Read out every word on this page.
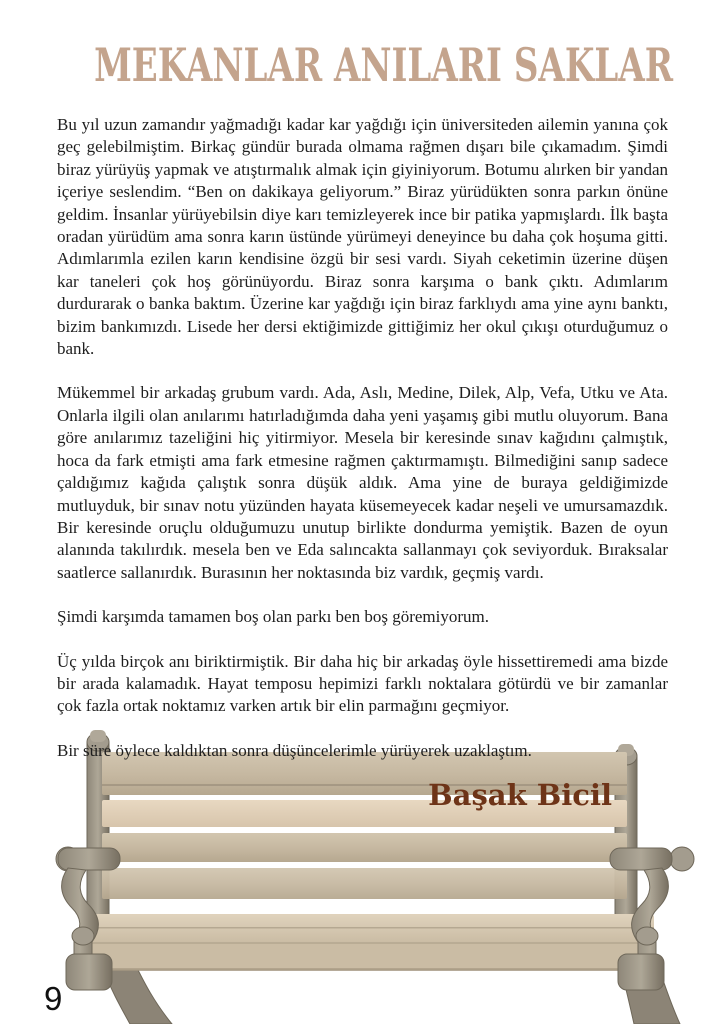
MEKANLAR ANILARI SAKLAR

Bu yıl uzun zamandır yağmadığı kadar kar yağdığı için üniversiteden ailemin yanına çok geç gelebilmiştim. Birkaç gündür burada olmama rağmen dışarı bile çıkamadım. Şimdi biraz yürüyüş yapmak ve atıştırmalık almak için giyiniyorum. Botumu alırken bir yandan içeriye seslendim. “Ben on dakikaya geliyorum.” Biraz yürüdükten sonra parkın önüne geldim. İnsanlar yürüyebilsin diye karı temizleyerek ince bir patika yapmışlardı. İlk başta oradan yürüdüm ama sonra karın üstünde yürümeyi deneyince bu daha çok hoşuma gitti. Adımlarımla ezilen karın kendisine özgü bir sesi vardı. Siyah ceketimin üzerine düşen kar taneleri çok hoş görünüyordu. Biraz sonra karşıma o bank çıktı. Adımlarım durdurarak o banka baktım. Üzerine kar yağdığı için biraz farklıydı ama yine aynı banktı, bizim bankımızdı. Lisede her dersi ektiğimizde gittiğimiz her okul çıkışı oturduğumuz o bank.

Mükemmel bir arkadaş grubum vardı. Ada, Aslı, Medine, Dilek, Alp, Vefa, Utku ve Ata. Onlarla ilgili olan anılarımı hatırladığımda daha yeni yaşamış gibi mutlu oluyorum. Bana göre anılarımız tazeliğini hiç yitirmiyor. Mesela bir keresinde sınav kağıdını çalmıştık, hoca da fark etmişti ama fark etmesine rağmen çaktırmamıştı. Bilmediğini sanıp sadece çaldığımız kağıda çalıştık sonra düşük aldık. Ama yine de buraya geldiğimizde mutluyduk, bir sınav notu yüzünden hayata küsemeyecek kadar neşeli ve umursamazdık. Bir keresinde oruçlu olduğumuzu unutup birlikte dondurma yemiştik. Bazen de oyun alanında takılırdık. mesela ben ve Eda salıncakta sallanmayı çok seviyorduk. Bıraksalar saatlerce sallanırdık. Burasının her noktasında biz vardık, geçmiş vardı.

Şimdi karşımda tamamen boş olan parkı ben boş göremiyorum.

Üç yılda birçok anı biriktirmiştik. Bir daha hiç bir arkadaş öyle hissettiremedi ama bizde bir arada kalamadık. Hayat temposu hepimizi farklı noktalara götürdü ve bir zamanlar çok fazla ortak noktamız varken artık bir elin parmağını geçmiyor.

Bir süre öylece kaldıktan sonra düşüncelerimle yürüyerek uzaklaştım.

Başak Bicil
9
